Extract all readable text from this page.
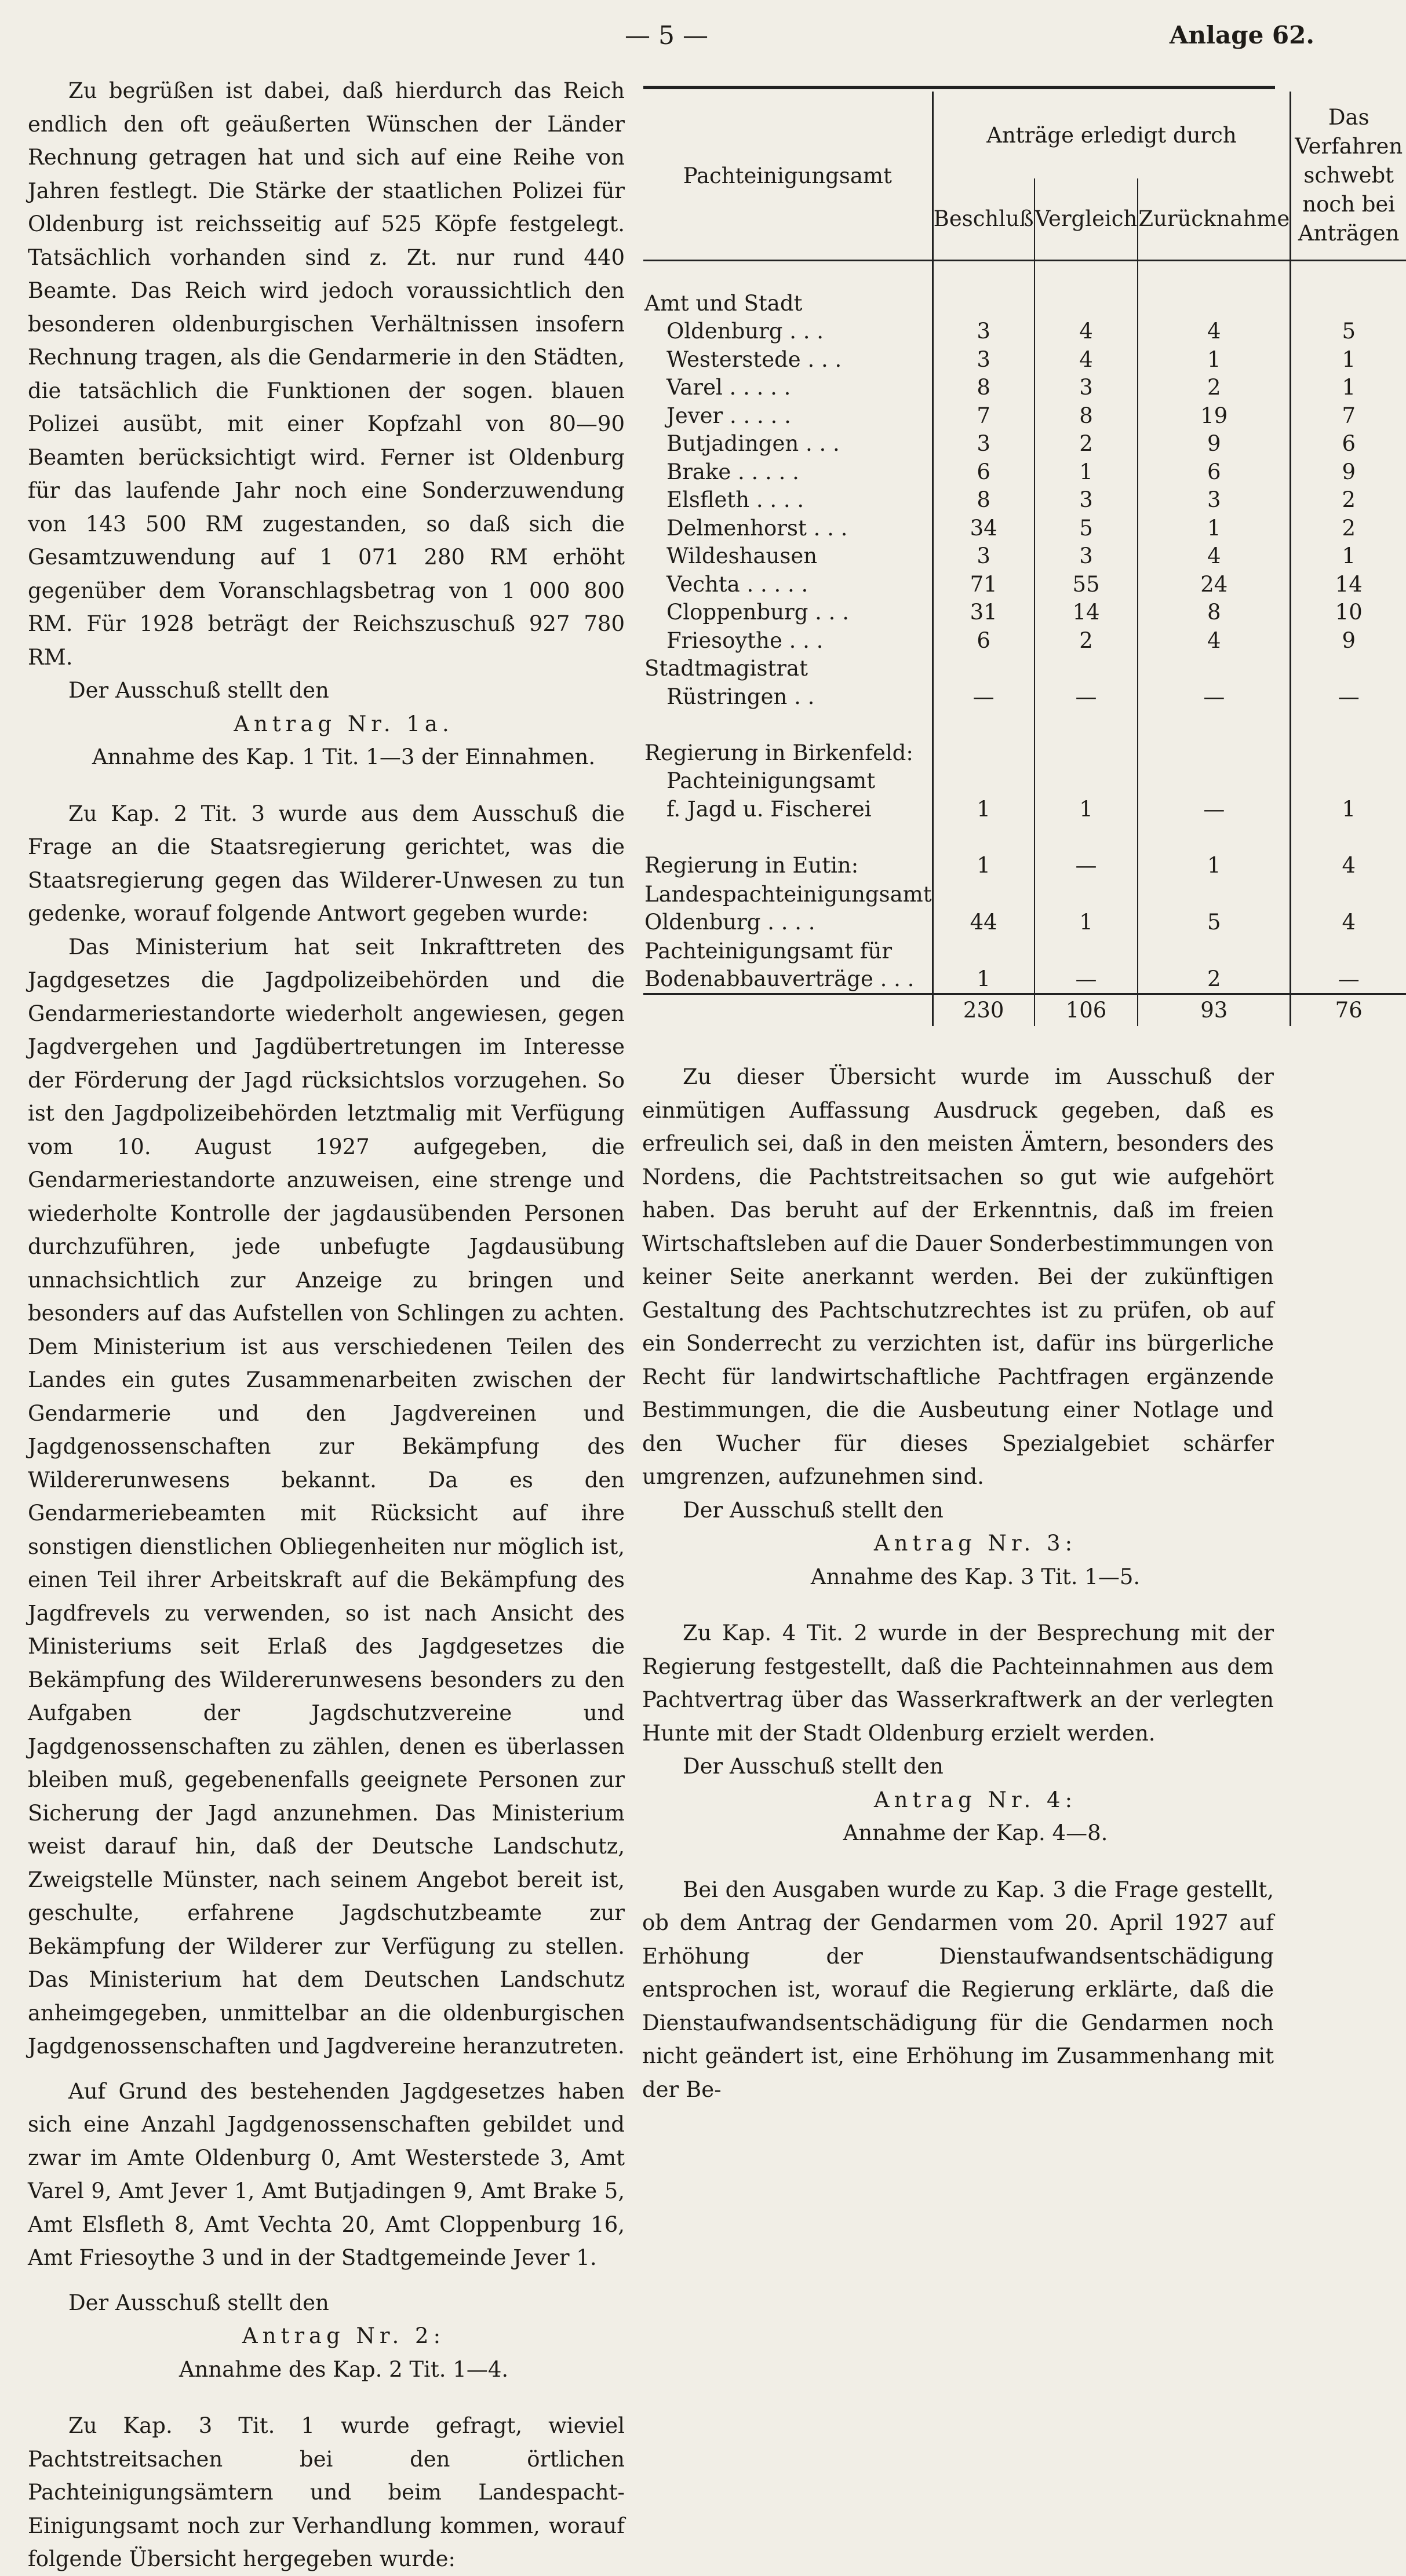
— 5 —	Anlage 62.

Zu begrüßen ist dabei, daß hierdurch das Reich endlich den oft geäußerten Wünschen der Länder Rechnung getragen hat und sich auf eine Reihe von Jahren festlegt. Die Stärke der staatlichen Polizei für Oldenburg ist reichsseitig auf 525 Köpfe festgelegt. Tatsächlich vorhanden sind z. Zt. nur rund 440 Beamte. Das Reich wird jedoch voraussichtlich den besonderen oldenburgischen Verhältnissen insofern Rechnung tragen, als die Gendarmerie in den Städten, die tatsächlich die Funktionen der sogen. blauen Polizei ausübt, mit einer Kopfzahl von 80—90 Beamten berücksichtigt wird. Ferner ist Oldenburg für das laufende Jahr noch eine Sonderzuwendung von 143 500 RM zugestanden, so daß sich die Gesamtzuwendung auf 1 071 280 RM erhöht gegenüber dem Voranschlagsbetrag von 1 000 800 RM. Für 1928 beträgt der Reichszuschuß 927 780 RM.

Der Ausschuß stellt den

Antrag Nr. 1a.

Annahme des Kap. 1 Tit. 1—3 der Einnahmen.

Zu Kap. 2 Tit. 3 wurde aus dem Ausschuß die Frage an die Staatsregierung gerichtet, was die Staatsregierung gegen das Wilderer-Unwesen zu tun gedenke, worauf folgende Antwort gegeben wurde:

Das Ministerium hat seit Inkrafttreten des Jagdgesetzes die Jagdpolizeibehörden und die Gendarmeriestandorte wiederholt angewiesen, gegen Jagdvergehen und Jagdübertretungen im Interesse der Förderung der Jagd rücksichtslos vorzugehen. So ist den Jagdpolizeibehörden letztmalig mit Verfügung vom 10. August 1927 aufgegeben, die Gendarmeriestandorte anzuweisen, eine strenge und wiederholte Kontrolle der jagdausübenden Personen durchzuführen, jede unbefugte Jagdausübung unnachsichtlich zur Anzeige zu bringen und besonders auf das Aufstellen von Schlingen zu achten. Dem Ministerium ist aus verschiedenen Teilen des Landes ein gutes Zusammenarbeiten zwischen der Gendarmerie und den Jagdvereinen und Jagdgenossenschaften zur Bekämpfung des Wildererunwesens bekannt. Da es den Gendarmeriebeamten mit Rücksicht auf ihre sonstigen dienstlichen Obliegenheiten nur möglich ist, einen Teil ihrer Arbeitskraft auf die Bekämpfung des Jagdfrevels zu verwenden, so ist nach Ansicht des Ministeriums seit Erlaß des Jagdgesetzes die Bekämpfung des Wildererunwesens besonders zu den Aufgaben der Jagdschutzvereine und Jagdgenossenschaften zu zählen, denen es überlassen bleiben muß, gegebenenfalls geeignete Personen zur Sicherung der Jagd anzunehmen. Das Ministerium weist darauf hin, daß der Deutsche Landschutz, Zweigstelle Münster, nach seinem Angebot bereit ist, geschulte, erfahrene Jagdschutzbeamte zur Bekämpfung der Wilderer zur Verfügung zu stellen. Das Ministerium hat dem Deutschen Landschutz anheimgegeben, unmittelbar an die oldenburgischen Jagdgenossenschaften und Jagdvereine heranzutreten.

Auf Grund des bestehenden Jagdgesetzes haben sich eine Anzahl Jagdgenossenschaften gebildet und zwar im Amte Oldenburg 0, Amt Westerstede 3, Amt Varel 9, Amt Jever 1, Amt Butjadingen 9, Amt Brake 5, Amt Elsfleth 8, Amt Vechta 20, Amt Cloppenburg 16, Amt Friesoythe 3 und in der Stadtgemeinde Jever 1.

Der Ausschuß stellt den

Antrag Nr. 2:

Annahme des Kap. 2 Tit. 1—4.

Zu Kap. 3 Tit. 1 wurde gefragt, wieviel Pachtstreitsachen bei den örtlichen Pachteinigungsämtern und beim Landespacht-Einigungsamt noch zur Verhandlung kommen, worauf folgende Übersicht hergegeben wurde:

Pachteinigungsamt	Anträge erledigt durch			Das Verfahren schwebt noch bei Anträgen
	Beschluß	Vergleich	Zurücknahme	

Amt und Stadt				
Oldenburg . . .	3	4	4	5
Westerstede . . .	3	4	1	1
Varel . . . . .	8	3	2	1
Jever . . . . .	7	8	19	7
Butjadingen . . .	3	2	9	6
Brake . . . . .	6	1	6	9
Elsfleth . . . .	8	3	3	2
Delmenhorst . . .	34	5	1	2
Wildeshausen	3	3	4	1
Vechta . . . . .	71	55	24	14
Cloppenburg . . .	31	14	8	10
Friesoythe . . .	6	2	4	9
Stadtmagistrat				
Rüstringen . .	—	—	—	—

Regierung in Birkenfeld:				
Pachteinigungsamt				
f. Jagd u. Fischerei	1	1	—	1

Regierung in Eutin:	1	—	1	4
Landespachteinigungsamt Oldenburg . . . .	44	1	5	4
Pachteinigungsamt für Bodenabbauverträge . . .	1	—	2	—
	230	106	93	76

Zu dieser Übersicht wurde im Ausschuß der einmütigen Auffassung Ausdruck gegeben, daß es erfreulich sei, daß in den meisten Ämtern, besonders des Nordens, die Pachtstreitsachen so gut wie aufgehört haben. Das beruht auf der Erkenntnis, daß im freien Wirtschaftsleben auf die Dauer Sonderbestimmungen von keiner Seite anerkannt werden. Bei der zukünftigen Gestaltung des Pachtschutzrechtes ist zu prüfen, ob auf ein Sonderrecht zu verzichten ist, dafür ins bürgerliche Recht für landwirtschaftliche Pachtfragen ergänzende Bestimmungen, die die Ausbeutung einer Notlage und den Wucher für dieses Spezialgebiet schärfer umgrenzen, aufzunehmen sind.

Der Ausschuß stellt den

Antrag Nr. 3:

Annahme des Kap. 3 Tit. 1—5.

Zu Kap. 4 Tit. 2 wurde in der Besprechung mit der Regierung festgestellt, daß die Pachteinnahmen aus dem Pachtvertrag über das Wasserkraftwerk an der verlegten Hunte mit der Stadt Oldenburg erzielt werden.

Der Ausschuß stellt den

Antrag Nr. 4:

Annahme der Kap. 4—8.

Bei den Ausgaben wurde zu Kap. 3 die Frage gestellt, ob dem Antrag der Gendarmen vom 20. April 1927 auf Erhöhung der Dienstaufwandsentschädigung entsprochen ist, worauf die Regierung erklärte, daß die Dienstaufwandsentschädigung für die Gendarmen noch nicht geändert ist, eine Erhöhung im Zusammenhang mit der Be-
